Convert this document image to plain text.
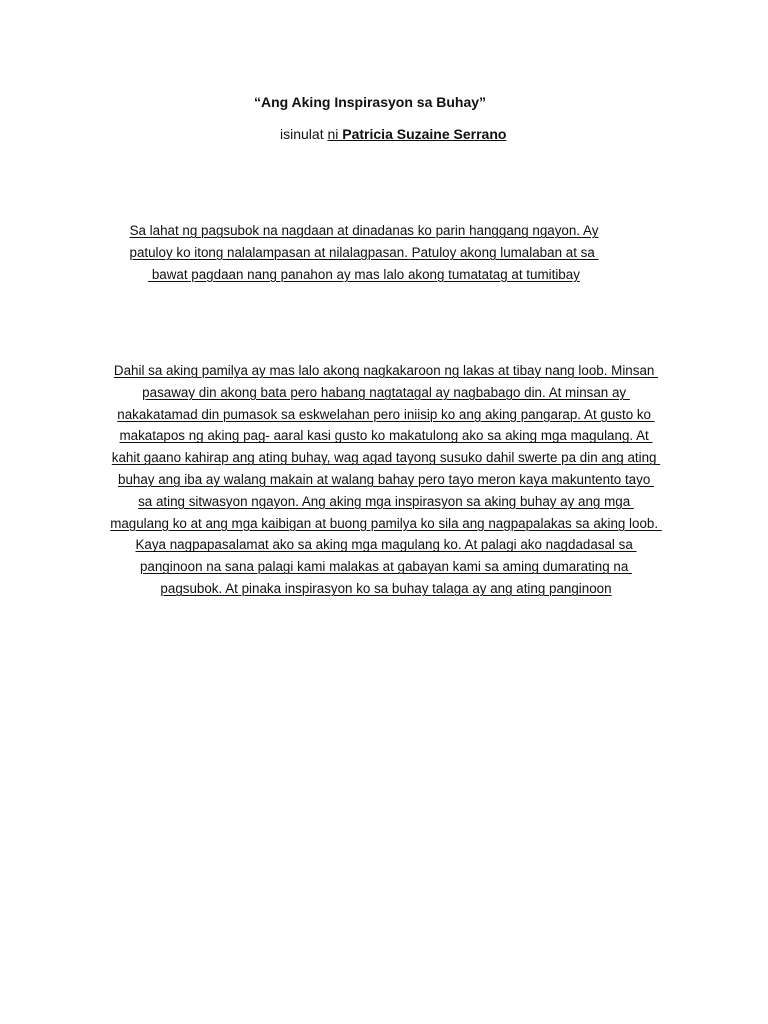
“Ang Aking Inspirasyon sa Buhay”

isinulat ni Patricia Suzaine Serrano

Sa lahat ng pagsubok na nagdaan at dinadanas ko parin hanggang ngayon. Ay
patuloy ko itong nalalampasan at nilalagpasan. Patuloy akong lumalaban at sa
bawat pagdaan nang panahon ay mas lalo akong tumatatag at tumitibay
Dahil sa aking pamilya ay mas lalo akong nagkakaroon ng lakas at tibay nang loob. Minsan
pasaway din akong bata pero habang nagtatagal ay nagbabago din. At minsan ay
nakakatamad din pumasok sa eskwelahan pero iniisip ko ang aking pangarap. At gusto ko
makatapos ng aking pag- aaral kasi gusto ko makatulong ako sa aking mga magulang. At
kahit gaano kahirap ang ating buhay, wag agad tayong susuko dahil swerte pa din ang ating
buhay ang iba ay walang makain at walang bahay pero tayo meron kaya makuntento tayo
sa ating sitwasyon ngayon. Ang aking mga inspirasyon sa aking buhay ay ang mga
magulang ko at ang mga kaibigan at buong pamilya ko sila ang nagpapalakas sa aking loob.
Kaya nagpapasalamat ako sa aking mga magulang ko. At palagi ako nagdadasal sa
panginoon na sana palagi kami malakas at gabayan kami sa aming dumarating na
pagsubok. At pinaka inspirasyon ko sa buhay talaga ay ang ating panginoon
